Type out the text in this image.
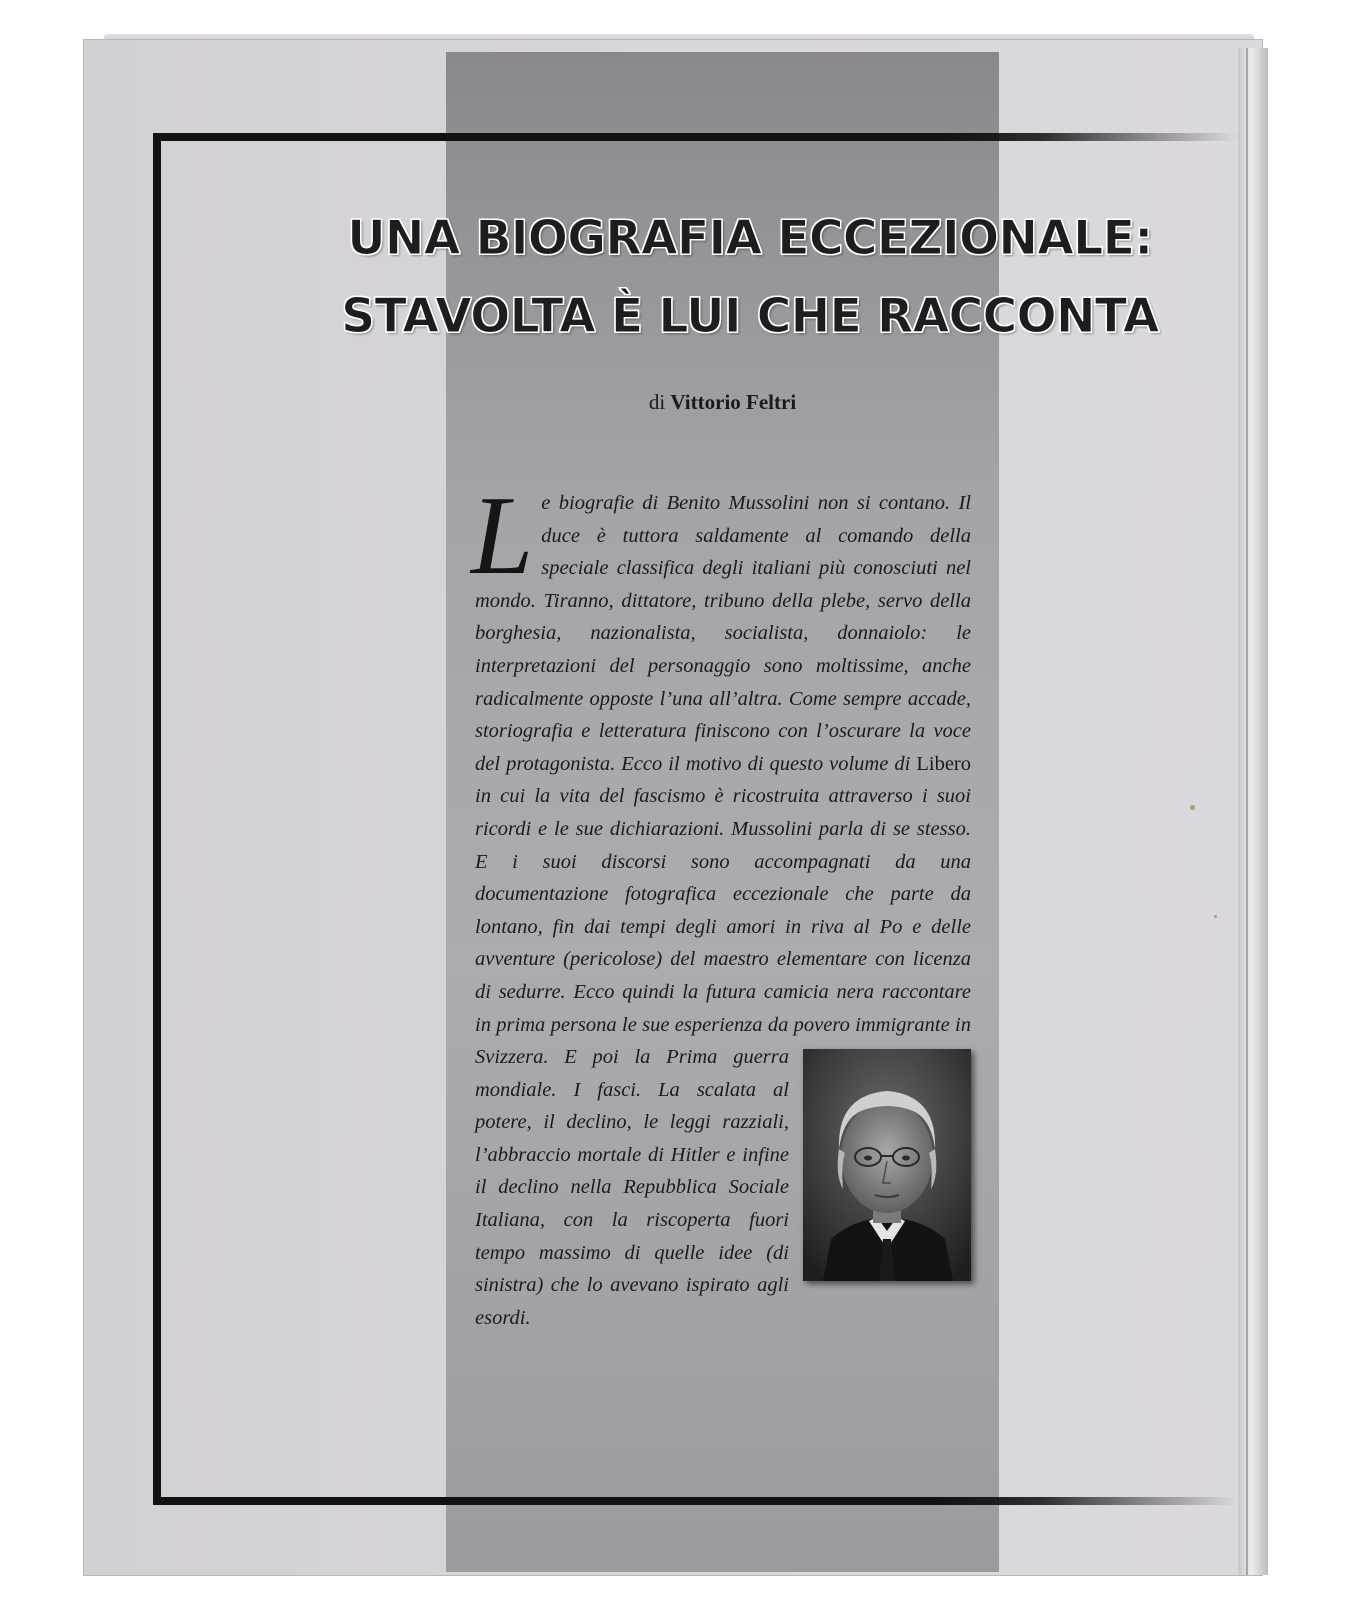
UNA BIOGRAFIA ECCEZIONALE:
STAVOLTA È LUI CHE RACCONTA
di Vittorio Feltri
L e biografie di Benito Mussolini non si contano. Il duce è tuttora saldamente al comando della speciale classifica degli italiani più conosciuti nel mondo. Tiranno, dittatore, tribuno della plebe, servo della borghesia, nazionalista, socialista, donnaiolo: le interpretazioni del personaggio sono moltissime, anche radicalmente opposte l’una all’altra. Come sempre accade, storiografia e letteratura finiscono con l’oscurare la voce del protagonista. Ecco il motivo di questo volume di Libero in cui la vita del fascismo è ricostruita attraverso i suoi ricordi e le sue dichiarazioni. Mussolini parla di se stesso. E i suoi discorsi sono accompagnati da una documentazione fotografica eccezionale che parte da lontano, fin dai tempi degli amori in riva al Po e delle avventure (pericolose) del maestro elementare con licenza di sedurre. Ecco quindi la futura camicia nera raccontare in prima persona le sue esperienza da povero immigrante in Svizzera. E poi la Prima guerra
mondiale. I fasci. La scalata al potere, il declino, le leggi razziali, l’abbraccio mortale di Hitler e infine il declino nella Repubblica Sociale Italiana, con la riscoperta fuori tempo massimo di quelle idee (di sinistra) che lo avevano ispirato agli esordi.
